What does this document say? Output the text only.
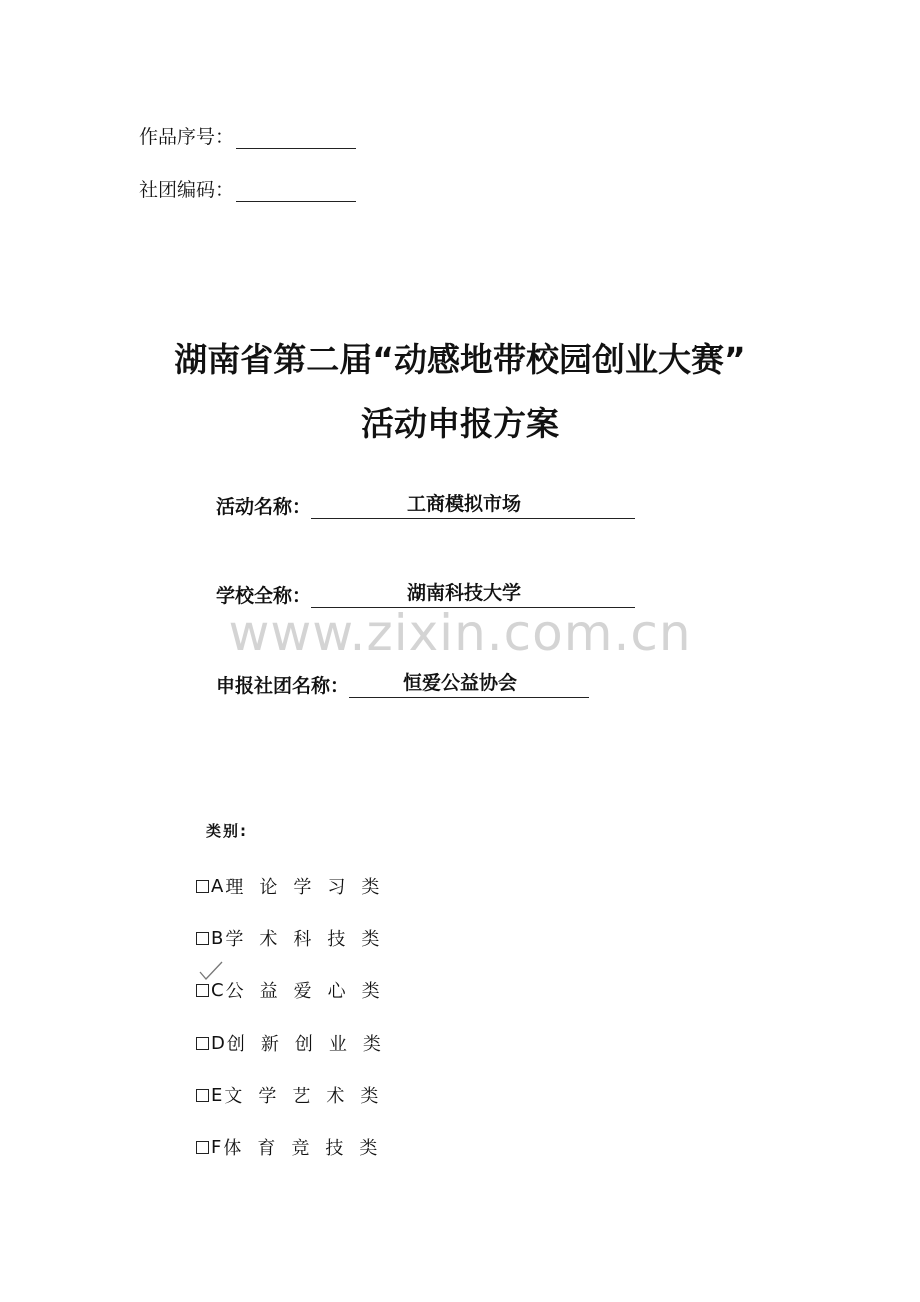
作品序号：
社团编码：
湖南省第二届“动感地带校园创业大赛”
活动申报方案
活动名称：	工商模拟市场
学校全称：	湖南科技大学
www.zixin.com.cn
申报社团名称：	恒爱公益协会
类别:
A 理论学习类
B 学术科技类
C 公益爱心类
D 创新创业类
E 文学艺术类
F 体育竞技类
